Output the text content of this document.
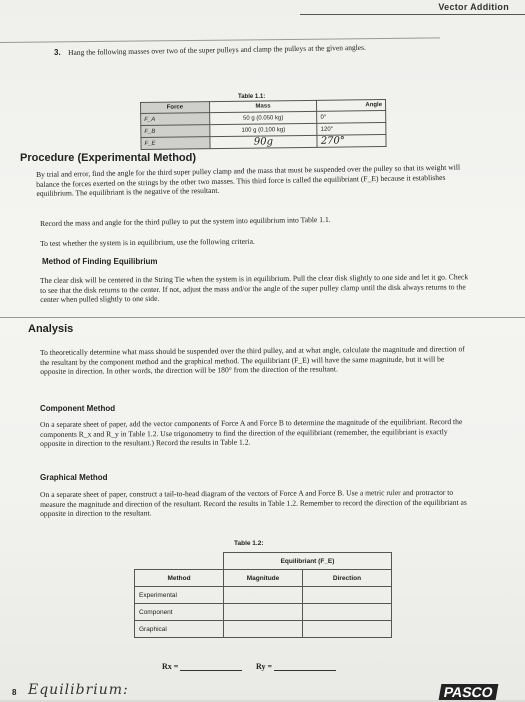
Vector Addition
3. Hang the following masses over two of the super pulleys and clamp the pulleys at the given angles.
Table 1.1:
Force	Mass	Angle
F_A	50 g (0.050 kg)	0°
F_B	100 g (0.100 kg)	120°
F_E	90g	270°
Procedure (Experimental Method)
By trial and error, find the angle for the third super pulley clamp and the mass that must be suspended over the pulley so that its weight will balance the forces exerted on the strings by the other two masses. This third force is called the equilibriant (F_E) because it establishes equilibrium. The equilibriant is the negative of the resultant.
Record the mass and angle for the third pulley to put the system into equilibrium into Table 1.1.
To test whether the system is in equilibrium, use the following criteria.
Method of Finding Equilibrium
The clear disk will be centered in the String Tie when the system is in equilibrium. Pull the clear disk slightly to one side and let it go. Check to see that the disk returns to the center. If not, adjust the mass and/or the angle of the super pulley clamp until the disk always returns to the center when pulled slightly to one side.
Analysis
To theoretically determine what mass should be suspended over the third pulley, and at what angle, calculate the magnitude and direction of the resultant by the component method and the graphical method. The equilibriant (F_E) will have the same magnitude, but it will be opposite in direction. In other words, the direction will be 180° from the direction of the resultant.
Component Method
On a separate sheet of paper, add the vector components of Force A and Force B to determine the magnitude of the equilibriant. Record the components R_x and R_y in Table 1.2. Use trigonometry to find the direction of the equilibriant (remember, the equilibriant is exactly opposite in direction to the resultant.) Record the results in Table 1.2.
Graphical Method
On a separate sheet of paper, construct a tail-to-head diagram of the vectors of Force A and Force B. Use a metric ruler and protractor to measure the magnitude and direction of the resultant. Record the results in Table 1.2. Remember to record the direction of the equilibriant as opposite in direction to the resultant.
Table 1.2:
	Equilibriant (F_E)	
Method	Magnitude	Direction
Experimental		
Component		
Graphical		
Rx =	Ry =
8 Equilibrium:	PASCO
